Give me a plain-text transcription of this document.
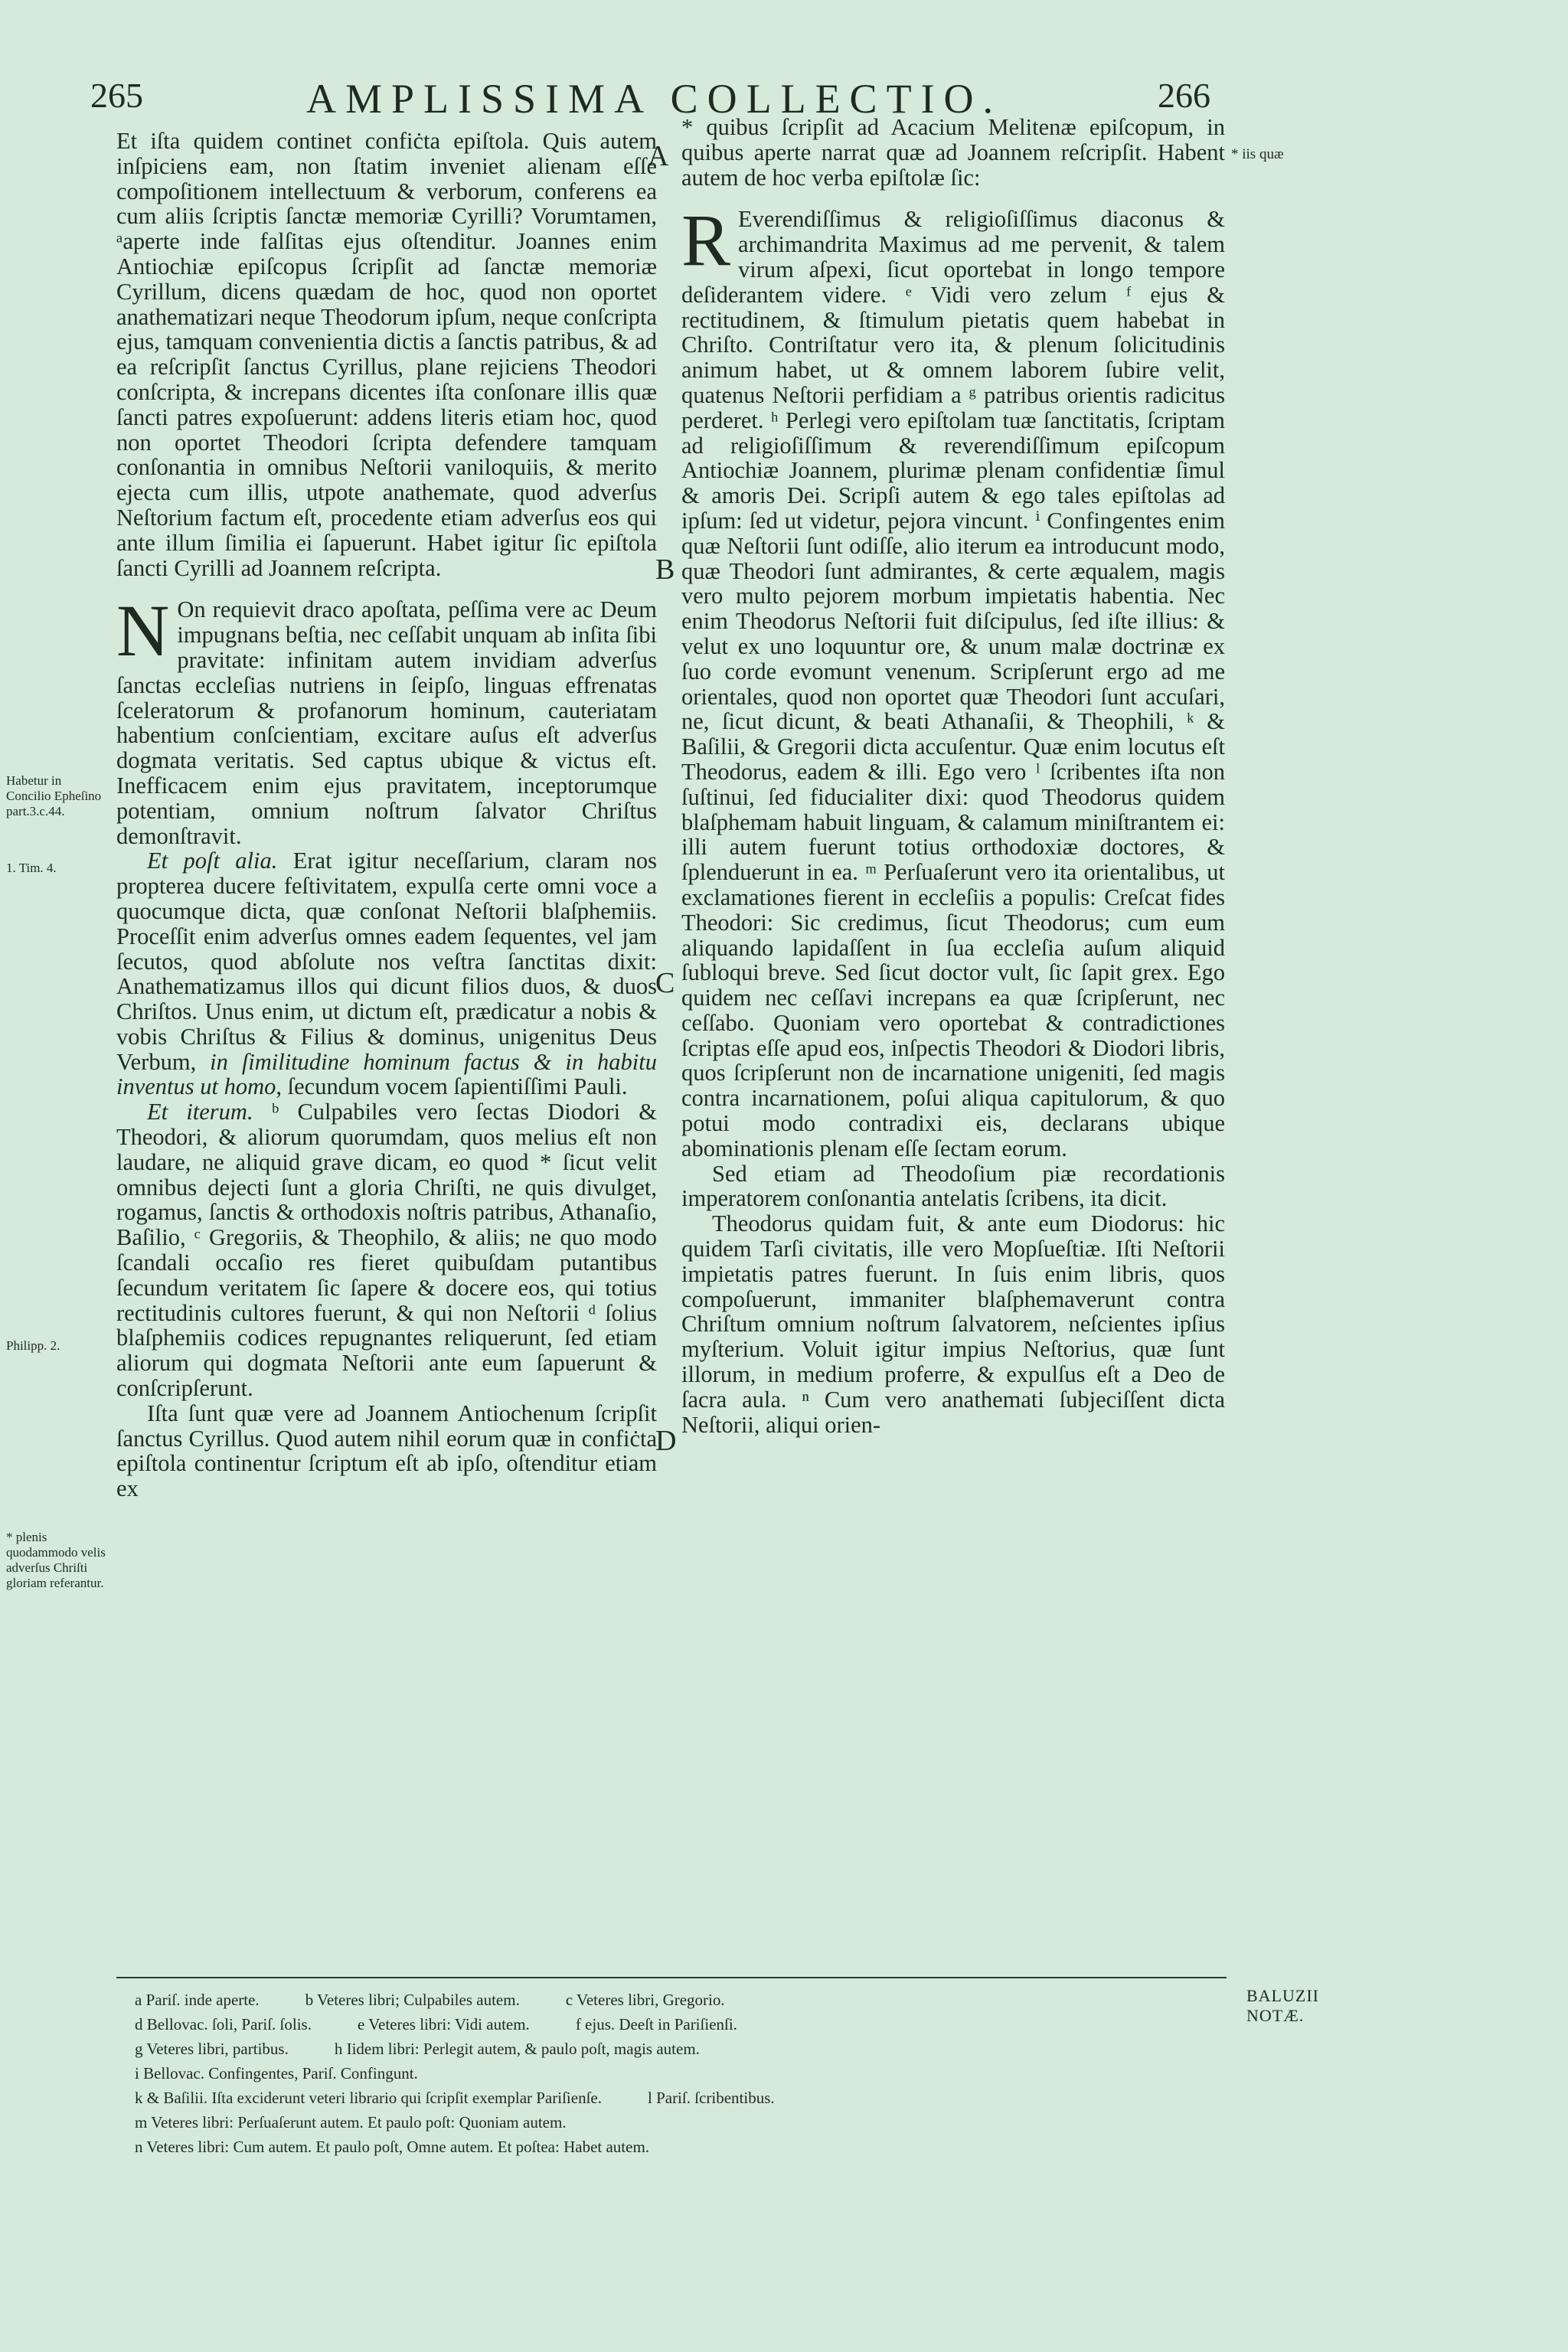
265	AMPLISSIMA COLLECTIO.	266

Et iſta quidem continet confiċta epiſtola. Quis autem inſpiciens eam, non ſtatim inveniet alienam eſſe compoſitionem intellectuum & verborum, conferens ea cum aliis ſcriptis ſanctæ memoriæ Cyrilli? Vorumtamen, ᵃaperte inde falſitas ejus oſtenditur. Joannes enim Antiochiæ epiſcopus ſcripſit ad ſanctæ memoriæ Cyrillum, dicens quædam de hoc, quod non oportet anathematizari neque Theodorum ipſum, neque conſcripta ejus, tamquam convenientia dictis a ſanctis patribus, & ad ea reſcripſit ſanctus Cyrillus, plane rejiciens Theodori conſcripta, & increpans dicentes iſta conſonare illis quæ ſancti patres expoſuerunt: addens literis etiam hoc, quod non oportet Theodori ſcripta defendere tamquam conſonantia in omnibus Neſtorii vaniloquiis, & merito ejecta cum illis, utpote anathemate, quod adverſus Neſtorium factum eſt, procedente etiam adverſus eos qui ante illum ſimilia ei ſapuerunt. Habet igitur ſic epiſtola ſancti Cyrilli ad Joannem reſcripta.

N On requievit draco apoſtata, peſſima vere ac Deum impugnans beſtia, nec ceſſabit unquam ab inſita ſibi pravitate: infinitam autem invidiam adverſus ſanctas eccleſias nutriens in ſeipſo, linguas effrenatas ſceleratorum & profanorum hominum, cauteriatam habentium conſcientiam, excitare auſus eſt adverſus dogmata veritatis. Sed captus ubique & victus eſt. Inefficacem enim ejus pravitatem, inceptorumque potentiam, omnium noſtrum ſalvator Chriſtus demonſtravit.

Et poſt alia. Erat igitur neceſſarium, claram nos propterea ducere feſtivitatem, expulſa certe omni voce a quocumque dicta, quæ conſonat Neſtorii blaſphemiis. Proceſſit enim adverſus omnes eadem ſequentes, vel jam ſecutos, quod abſolute nos veſtra ſanctitas dixit: Anathematizamus illos qui dicunt filios duos, & duos Chriſtos. Unus enim, ut dictum eſt, prædicatur a nobis & vobis Chriſtus & Filius & dominus, unigenitus Deus Verbum, in ſimilitudine hominum factus & in habitu inventus ut homo, ſecundum vocem ſapientiſſimi Pauli.

Et iterum. ᵇ Culpabiles vero ſectas Diodori & Theodori, & aliorum quorumdam, quos melius eſt non laudare, ne aliquid grave dicam, eo quod * ſicut velit omnibus dejecti ſunt a gloria Chriſti, ne quis divulget, rogamus, ſanctis & orthodoxis noſtris patribus, Athanaſio, Baſilio, ᶜ Gregoriis, & Theophilo, & aliis; ne quo modo ſcandali occaſio res fieret quibuſdam putantibus ſecundum veritatem ſic ſapere & docere eos, qui totius rectitudinis cultores fuerunt, & qui non Neſtorii ᵈ ſolius blaſphemiis codices repugnantes reliquerunt, ſed etiam aliorum qui dogmata Neſtorii ante eum ſapuerunt & conſcripſerunt.

Iſta ſunt quæ vere ad Joannem Antiochenum ſcripſit ſanctus Cyrillus. Quod autem nihil eorum quæ in confiċta epiſtola continentur ſcriptum eſt ab ipſo, oſtenditur etiam ex

* quibus ſcripſit ad Acacium Melitenæ epiſcopum, in quibus aperte narrat quæ ad Joannem reſcripſit. Habent autem de hoc verba epiſtolæ ſic:

R Everendiſſimus & religioſiſſimus diaconus & archimandrita Maximus ad me pervenit, & talem virum aſpexi, ſicut oportebat in longo tempore deſiderantem videre. ᵉ Vidi vero zelum ᶠ ejus & rectitudinem, & ſtimulum pietatis quem habebat in Chriſto. Contriſtatur vero ita, & plenum ſolicitudinis animum habet, ut & omnem laborem ſubire velit, quatenus Neſtorii perfidiam a ᵍ patribus orientis radicitus perderet. ʰ Perlegi vero epiſtolam tuæ ſanctitatis, ſcriptam ad religioſiſſimum & reverendiſſimum epiſcopum Antiochiæ Joannem, plurimæ plenam confidentiæ ſimul & amoris Dei. Scripſi autem & ego tales epiſtolas ad ipſum: ſed ut videtur, pejora vincunt. ⁱ Confingentes enim quæ Neſtorii ſunt odiſſe, alio iterum ea introducunt modo, quæ Theodori ſunt admirantes, & certe æqualem, magis vero multo pejorem morbum impietatis habentia. Nec enim Theodorus Neſtorii fuit diſcipulus, ſed iſte illius: & velut ex uno loquuntur ore, & unum malæ doctrinæ ex ſuo corde evomunt venenum. Scripſerunt ergo ad me orientales, quod non oportet quæ Theodori ſunt accuſari, ne, ſicut dicunt, & beati Athanaſii, & Theophili, ᵏ & Baſilii, & Gregorii dicta accuſentur. Quæ enim locutus eſt Theodorus, eadem & illi. Ego vero ˡ ſcribentes iſta non ſuſtinui, ſed fiducialiter dixi: quod Theodorus quidem blaſphemam habuit linguam, & calamum miniſtrantem ei: illi autem fuerunt totius orthodoxiæ doctores, & ſplenduerunt in ea. ᵐ Perſuaſerunt vero ita orientalibus, ut exclamationes fierent in eccleſiis a populis: Creſcat fides Theodori: Sic credimus, ſicut Theodorus; cum eum aliquando lapidaſſent in ſua eccleſia auſum aliquid ſubloqui breve. Sed ſicut doctor vult, ſic ſapit grex. Ego quidem nec ceſſavi increpans ea quæ ſcripſerunt, nec ceſſabo. Quoniam vero oportebat & contradictiones ſcriptas eſſe apud eos, inſpectis Theodori & Diodori libris, quos ſcripſerunt non de incarnatione unigeniti, ſed magis contra incarnationem, poſui aliqua capitulorum, & quo potui modo contradixi eis, declarans ubique abominationis plenam eſſe ſectam eorum.

Sed etiam ad Theodoſium piæ recordationis imperatorem conſonantia antelatis ſcribens, ita dicit.

Theodorus quidam fuit, & ante eum Diodorus: hic quidem Tarſi civitatis, ille vero Mopſueſtiæ. Iſti Neſtorii impietatis patres fuerunt. In ſuis enim libris, quos compoſuerunt, immaniter blaſphemaverunt contra Chriſtum omnium noſtrum ſalvatorem, neſcientes ipſius myſterium. Voluit igitur impius Neſtorius, quæ ſunt illorum, in medium proferre, & expulſus eſt a Deo de ſacra aula. ⁿ Cum vero anathemati ſubjeciſſent dicta Neſtorii, aliqui orien-

A
B
C
D
Habetur in Concilio Epheſino part.3.c.44.
1. Tim. 4.
Philipp. 2.
* plenis quodammodo velis adverſus Chriſti gloriam referantur.
* iis quæ
a Pariſ. inde aperte.	b Veteres libri; Culpabiles autem.	c Veteres libri, Gregorio.
d Bellovac. ſoli, Pariſ. ſolis.	e Veteres libri: Vidi autem.	f ejus. Deeſt in Pariſienſi.
g Veteres libri, partibus.	h Iidem libri: Perlegit autem, & paulo poſt, magis autem.
i Bellovac. Confingentes, Pariſ. Confingunt.
k & Baſilii. Iſta exciderunt veteri librario qui ſcripſit exemplar Pariſienſe.	l Pariſ. ſcribentibus.
m Veteres libri: Perſuaſerunt autem. Et paulo poſt: Quoniam autem.
n Veteres libri: Cum autem. Et paulo poſt, Omne autem. Et poſtea: Habet autem.
BALUZII
NOTÆ.
